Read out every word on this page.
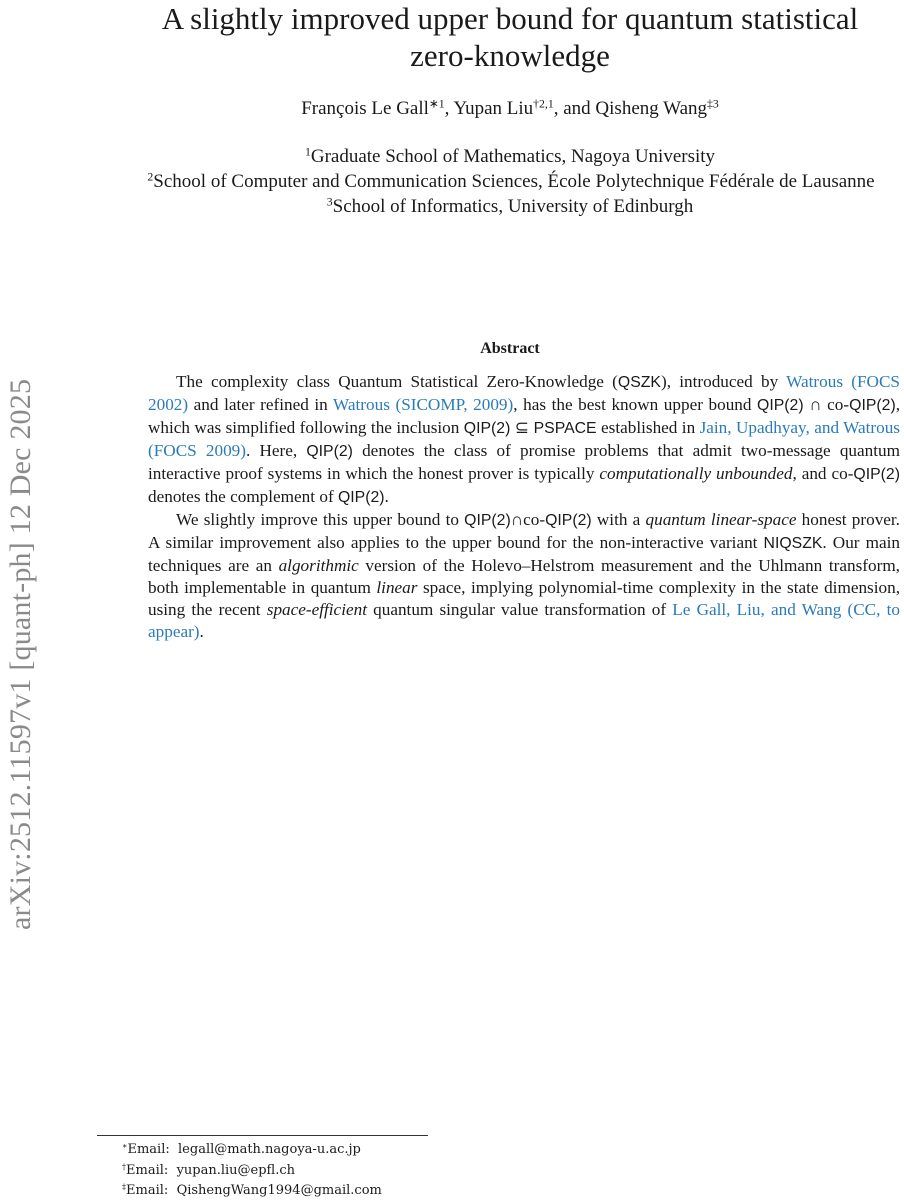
arXiv:2512.11597v1 [quant-ph] 12 Dec 2025
A slightly improved upper bound for quantum statistical
zero-knowledge
François Le Gall$^{∗1}$, Yupan Liu$^{\dagger 2,1}$, and Qisheng Wang$^{\ddagger 3}$
$^1$Graduate School of Mathematics, Nagoya University
$^2$School of Computer and Communication Sciences, École Polytechnique Fédérale de Lausanne
$^3$School of Informatics, University of Edinburgh
Abstract

The complexity class Quantum Statistical Zero-Knowledge (QSZK), introduced by Watrous (FOCS 2002) and later refined in Watrous (SICOMP, 2009), has the best known upper bound QIP(2) ∩ co-QIP(2), which was simplified following the inclusion QIP(2) ⊆ PSPACE established in Jain, Upadhyay, and Watrous (FOCS 2009). Here, QIP(2) denotes the class of promise problems that admit two-message quantum interactive proof systems in which the honest prover is typically computationally unbounded, and co-QIP(2) denotes the complement of QIP(2).

We slightly improve this upper bound to QIP(2)∩co-QIP(2) with a quantum linear-space honest prover. A similar improvement also applies to the upper bound for the non-interactive variant NIQSZK. Our main techniques are an algorithmic version of the Holevo–Helstrom measurement and the Uhlmann transform, both implementable in quantum linear space, implying polynomial-time complexity in the state dimension, using the recent space-efficient quantum singular value transformation of Le Gall, Liu, and Wang (CC, to appear).

∗Email: legall@math.nagoya-u.ac.jp
†Email: yupan.liu@epfl.ch
‡Email: QishengWang1994@gmail.com
